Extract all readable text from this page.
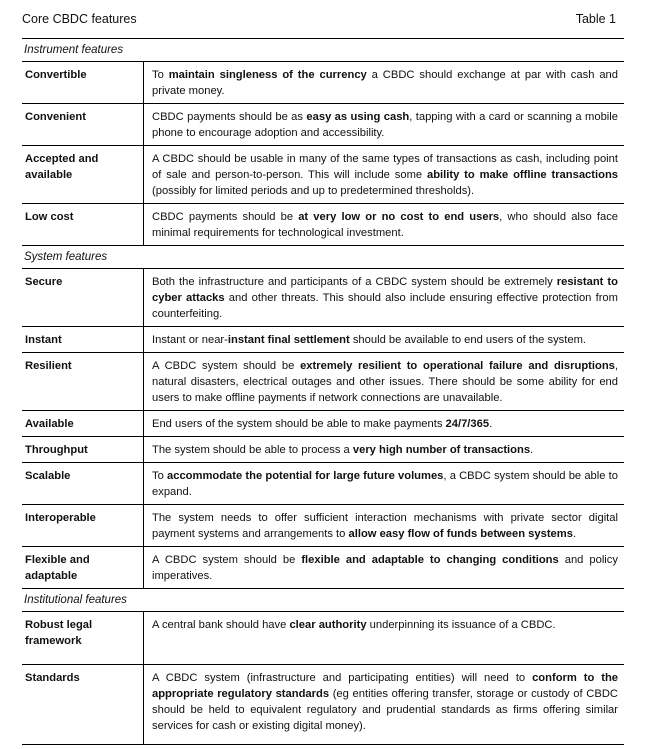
Core CBDC features	Table 1
Instrument features
Convertible	To maintain singleness of the currency a CBDC should exchange at par with cash and private money.
Convenient	CBDC payments should be as easy as using cash, tapping with a card or scanning a mobile phone to encourage adoption and accessibility.
Accepted and available	A CBDC should be usable in many of the same types of transactions as cash, including point of sale and person-to-person. This will include some ability to make offline transactions (possibly for limited periods and up to predetermined thresholds).
Low cost	CBDC payments should be at very low or no cost to end users, who should also face minimal requirements for technological investment.
System features
Secure	Both the infrastructure and participants of a CBDC system should be extremely resistant to cyber attacks and other threats. This should also include ensuring effective protection from counterfeiting.
Instant	Instant or near-instant final settlement should be available to end users of the system.
Resilient	A CBDC system should be extremely resilient to operational failure and disruptions, natural disasters, electrical outages and other issues. There should be some ability for end users to make offline payments if network connections are unavailable.
Available	End users of the system should be able to make payments 24/7/365.
Throughput	The system should be able to process a very high number of transactions.
Scalable	To accommodate the potential for large future volumes, a CBDC system should be able to expand.
Interoperable	The system needs to offer sufficient interaction mechanisms with private sector digital payment systems and arrangements to allow easy flow of funds between systems.
Flexible and adaptable	A CBDC system should be flexible and adaptable to changing conditions and policy imperatives.
Institutional features
Robust legal framework	A central bank should have clear authority underpinning its issuance of a CBDC.
Standards	A CBDC system (infrastructure and participating entities) will need to conform to the appropriate regulatory standards (eg entities offering transfer, storage or custody of CBDC should be held to equivalent regulatory and prudential standards as firms offering similar services for cash or existing digital money).
